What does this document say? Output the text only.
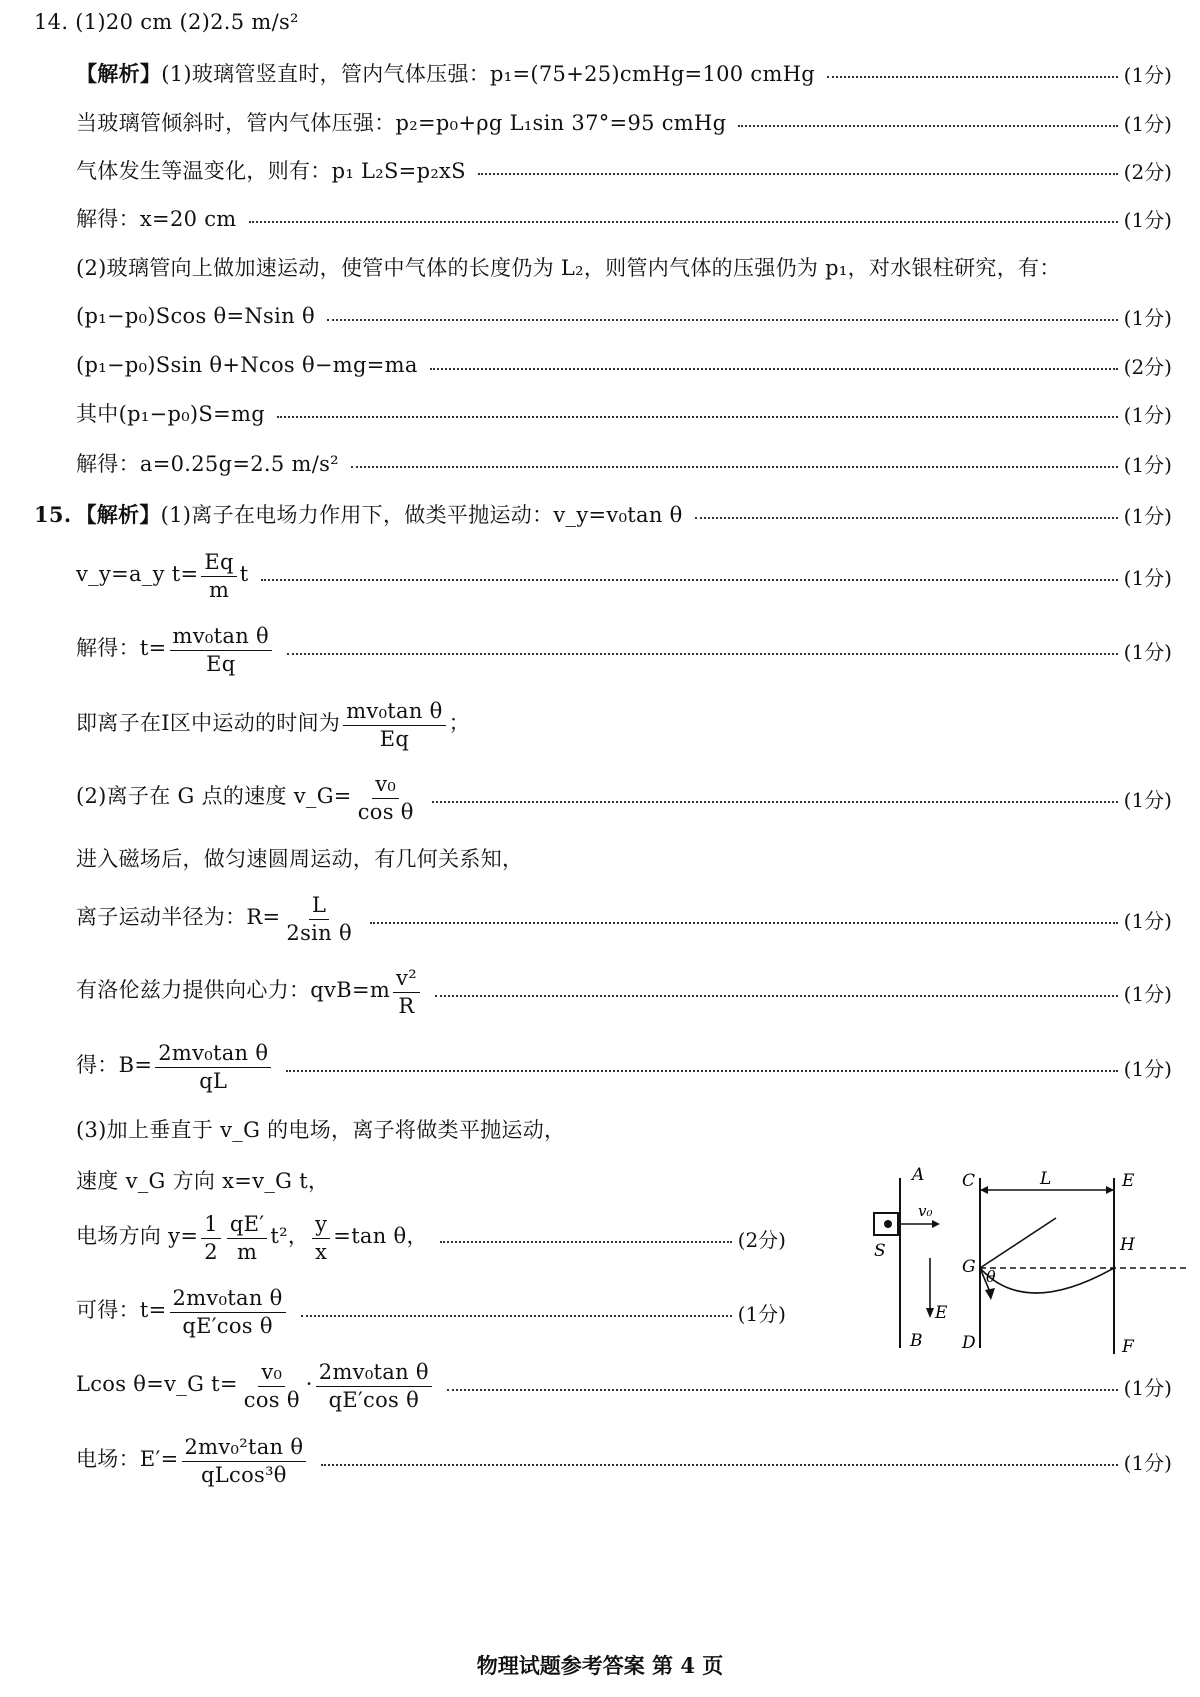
14. (1)20 cm (2)2.5 m/s²
【解析】(1)玻璃管竖直时，管内气体压强：p₁=(75+25)cmHg=100 cmHg	(1分)
当玻璃管倾斜时，管内气体压强：p₂=p₀+ρg L₁sin 37°=95 cmHg	(1分)
气体发生等温变化，则有：p₁ L₂S=p₂xS	(2分)
解得：x=20 cm	(1分)
(2)玻璃管向上做加速运动，使管中气体的长度仍为 L₂，则管内气体的压强仍为 p₁，对水银柱研究，有：
(p₁−p₀)Scos θ=Nsin θ	(1分)
(p₁−p₀)Ssin θ+Ncos θ−mg=ma	(2分)
其中(p₁−p₀)S=mg	(1分)
解得：a=0.25g=2.5 m/s²	(1分)
15. 【解析】(1)离子在电场力作用下，做类平抛运动：v_y=v₀tan θ	(1分)
v_y=a_y $t= \frac{Eq}{m}$ t	(1分)
解得：$t= \frac{\text{mv₀tan θ}}{Eq}$	(1分)
即离子在Ⅰ区中运动的时间为 $\frac{\text{mv₀tan θ}}{Eq}$ ；
(2)离子在 G 点的速度 v_G= $\frac{\text{v₀}}{\text{cos θ}}$	(1分)
进入磁场后，做匀速圆周运动，有几何关系知，
离子运动半径为：$R= \frac{L}{\text{2sin θ}}$	(1分)
有洛伦兹力提供向心力：$qvB=m \frac{\text{v²}}{R}$	(1分)
得：$B= \frac{\text{2mv₀tan θ}}{qL}$	(1分)
(3)加上垂直于 v_G 的电场，离子将做类平抛运动，
速度 v_G 方向 x=v_G t，
电场方向 $y= \frac{1}{2} \frac{qE'}{m} t^2$， $\frac{y}{x} =\tan$ θ，	(2分)
可得：$t= \frac{\text{2mv₀tan θ}}{\text{qE′cos θ}}$	(1分)
Lcos θ=v_G $t= \frac{\text{v₀}}{\text{cos θ}} \cdot \frac{\text{2mv₀tan θ}}{\text{qE′cos θ}}$	(1分)
电场：$E'= \frac{\text{2mv₀²tan θ}}{\text{qLcos³θ}}$	(1分)
A
B
S
v₀
E
C
D
G
E
F
H
L
θ
物理试题参考答案 第 4 页
